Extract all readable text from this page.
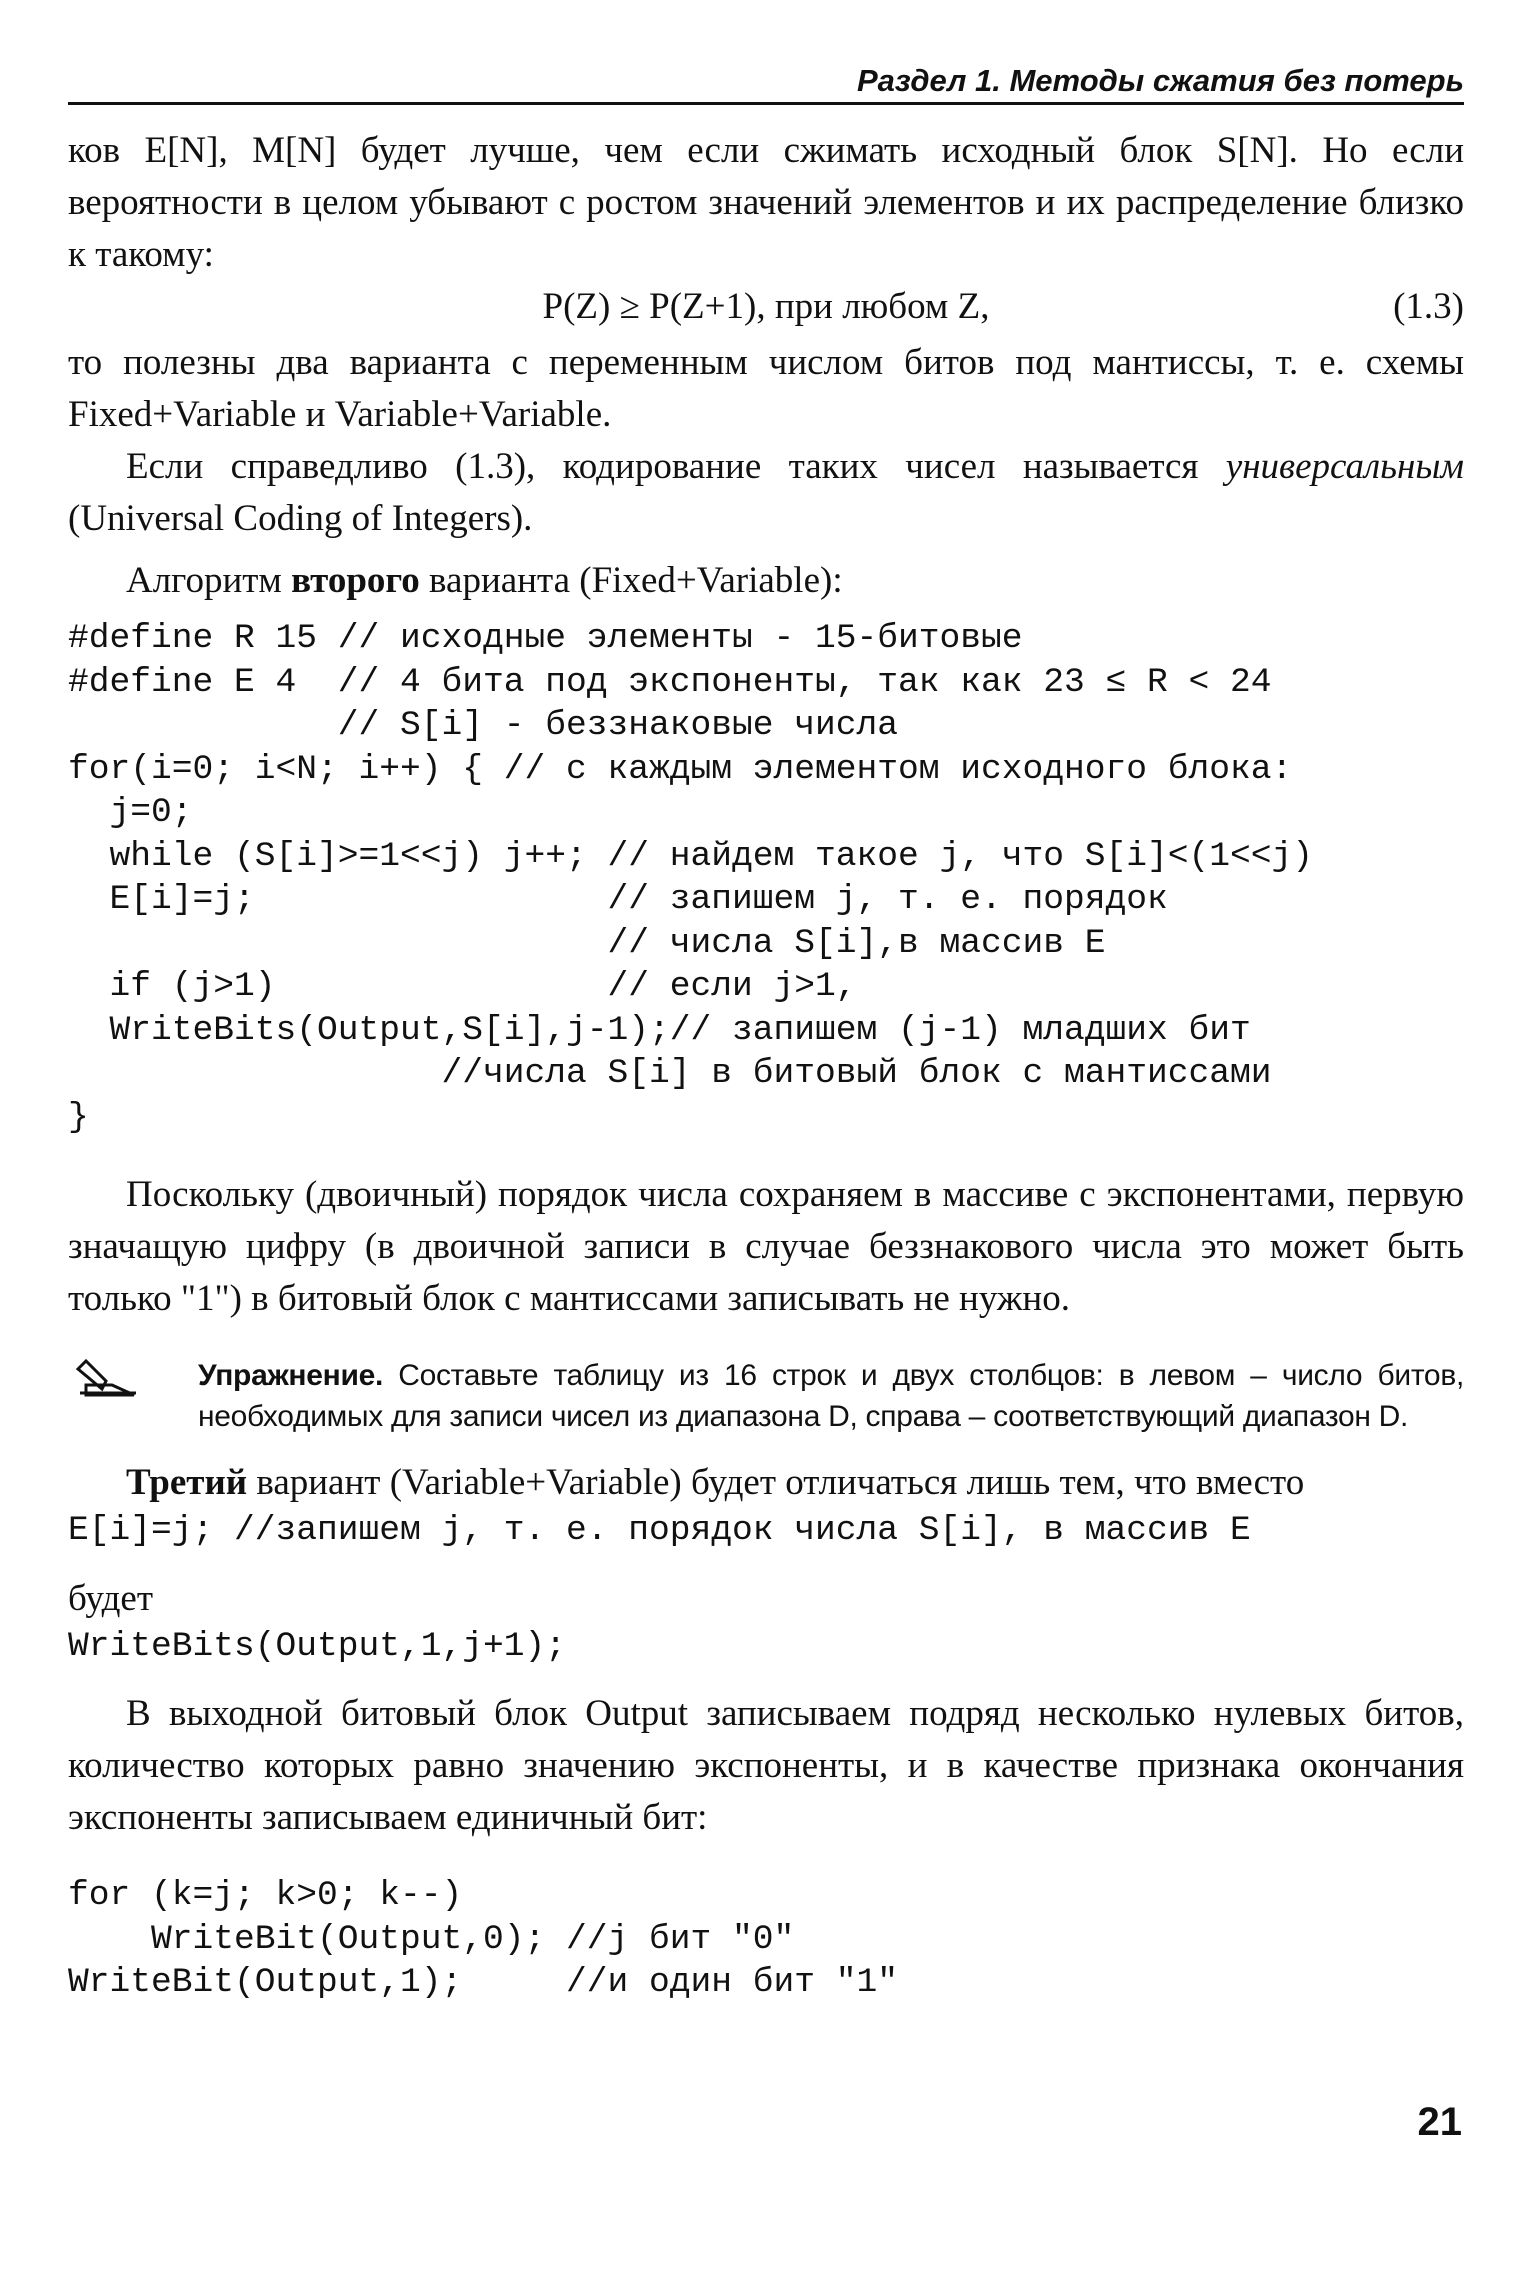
Раздел 1. Методы сжатия без потерь

ков E[N], M[N] будет лучше, чем если сжимать исходный блок S[N]. Но если вероятности в целом убывают с ростом значений элементов и их распределение близко к такому:

P(Z) ≥ P(Z+1), при любом Z,	(1.3)

то полезны два варианта с переменным числом битов под мантиссы, т. е. схемы Fixed+Variable и Variable+Variable.

Если справедливо (1.3), кодирование таких чисел называется универсальным (Universal Coding of Integers).

Алгоритм второго варианта (Fixed+Variable):

#define R 15 // исходные элементы - 15-битовые
#define E 4  // 4 бита под экспоненты, так как 23 ≤ R < 24
// S[i] - беззнаковые числа
for(i=0; i<N; i++) { // с каждым элементом исходного блока:
j=0;
while (S[i]>=1<<j) j++; // найдем такое j, что S[i]<(1<<j)
E[i]=j;                 // запишем j, т. е. порядок
// числа S[i],в массив E
if (j>1)                // если j>1,
WriteBits(Output,S[i],j-1);// запишем (j-1) младших бит
//числа S[i] в битовый блок с мантиссами
}

Поскольку (двоичный) порядок числа сохраняем в массиве с экспонентами, первую значащую цифру (в двоичной записи в случае беззнакового числа это может быть только "1") в битовый блок с мантиссами записывать не нужно.

Упражнение. Составьте таблицу из 16 строк и двух столбцов: в левом – число битов, необходимых для записи чисел из диапазона D, справа – соответствующий диапазон D.

Третий вариант (Variable+Variable) будет отличаться лишь тем, что вместо

E[i]=j; //запишем j, т. е. порядок числа S[i], в массив E

будет

WriteBits(Output,1,j+1);

В выходной битовый блок Output записываем подряд несколько нулевых битов, количество которых равно значению экспоненты, и в качестве признака окончания экспоненты записываем единичный бит:

for (k=j; k>0; k--)
WriteBit(Output,0); //j бит "0"
WriteBit(Output,1);     //и один бит "1"
21
